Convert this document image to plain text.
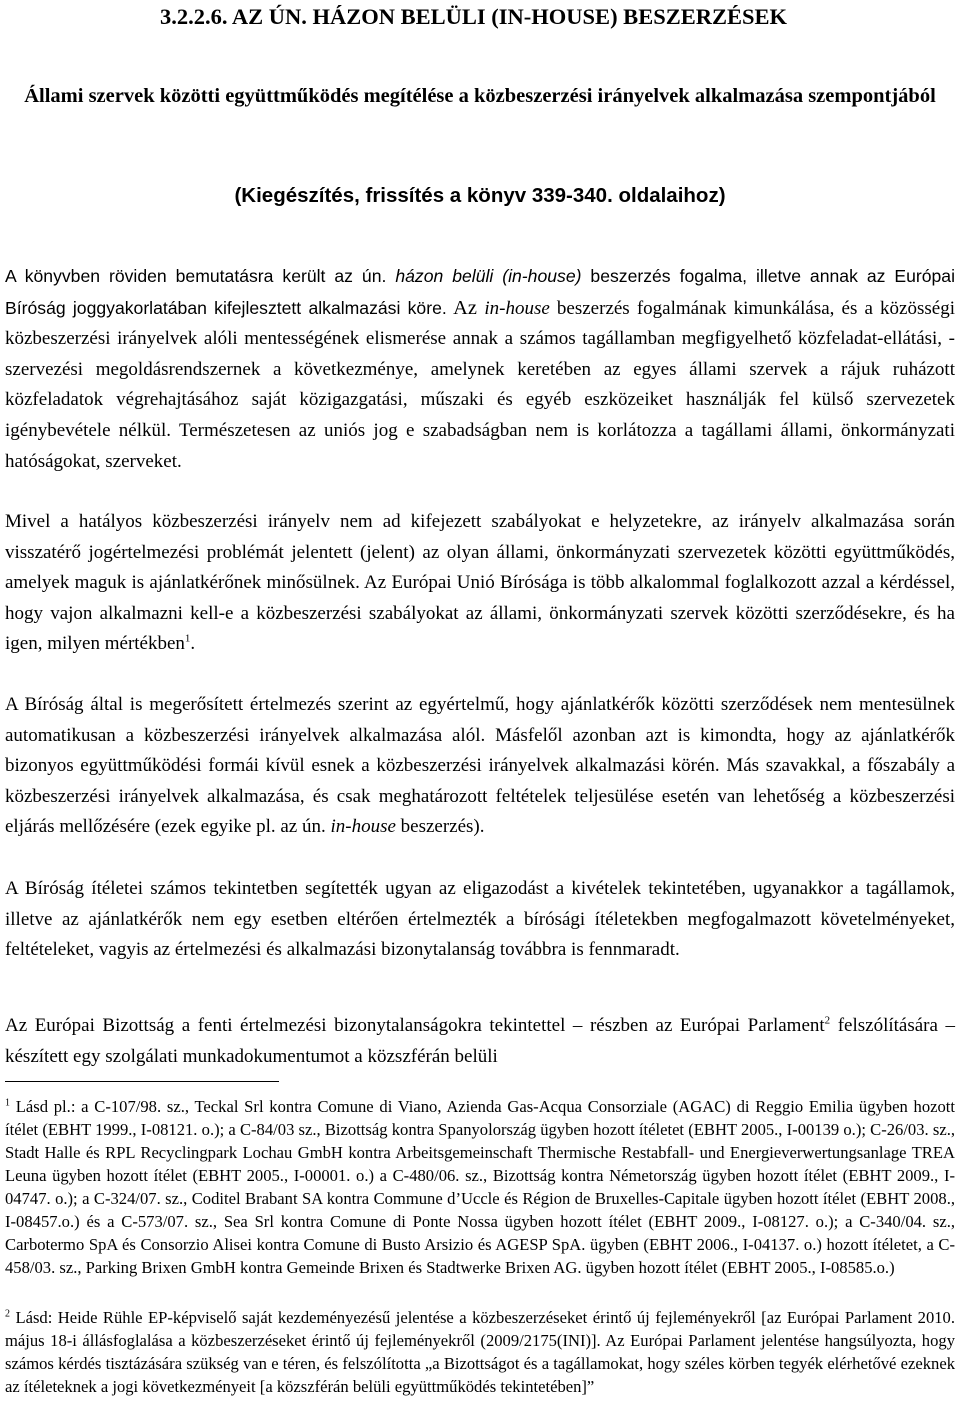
3.2.2.6. AZ ÚN. HÁZON BELÜLI (IN-HOUSE) BESZERZÉSEK
Állami szervek közötti együttműködés megítélése a közbeszerzési irányelvek alkalmazása szempontjából
(Kiegészítés, frissítés a könyv 339-340. oldalaihoz)

A könyvben röviden bemutatásra került az ún. házon belüli (in-house) beszerzés fogalma, illetve annak az Európai Bíróság joggyakorlatában kifejlesztett alkalmazási köre. Az in-house beszerzés fogalmának kimunkálása, és a közösségi közbeszerzési irányelvek alóli mentességének elismerése annak a számos tagállamban megfigyelhető közfeladat-ellátási, -szervezési megoldásrendszernek a következménye, amelynek keretében az egyes állami szervek a rájuk ruházott közfeladatok végrehajtásához saját közigazgatási, műszaki és egyéb eszközeiket használják fel külső szervezetek igénybevétele nélkül. Természetesen az uniós jog e szabadságban nem is korlátozza a tagállami állami, önkormányzati hatóságokat, szerveket.

Mivel a hatályos közbeszerzési irányelv nem ad kifejezett szabályokat e helyzetekre, az irányelv alkalmazása során visszatérő jogértelmezési problémát jelentett (jelent) az olyan állami, önkormányzati szervezetek közötti együttműködés, amelyek maguk is ajánlatkérőnek minősülnek. Az Európai Unió Bírósága is több alkalommal foglalkozott azzal a kérdéssel, hogy vajon alkalmazni kell-e a közbeszerzési szabályokat az állami, önkormányzati szervek közötti szerződésekre, és ha igen, milyen mértékben$^1$.

A Bíróság által is megerősített értelmezés szerint az egyértelmű, hogy ajánlatkérők közötti szerződések nem mentesülnek automatikusan a közbeszerzési irányelvek alkalmazása alól. Másfelől azonban azt is kimondta, hogy az ajánlatkérők bizonyos együttműködési formái kívül esnek a közbeszerzési irányelvek alkalmazási körén. Más szavakkal, a főszabály a közbeszerzési irányelvek alkalmazása, és csak meghatározott feltételek teljesülése esetén van lehetőség a közbeszerzési eljárás mellőzésére (ezek egyike pl. az ún. in-house beszerzés).

A Bíróság ítéletei számos tekintetben segítették ugyan az eligazodást a kivételek tekintetében, ugyanakkor a tagállamok, illetve az ajánlatkérők nem egy esetben eltérően értelmezték a bírósági ítéletekben megfogalmazott követelményeket, feltételeket, vagyis az értelmezési és alkalmazási bizonytalanság továbbra is fennmaradt.

Az Európai Bizottság a fenti értelmezési bizonytalanságokra tekintettel – részben az Európai Parlament$^2$ felszólítására – készített egy szolgálati munkadokumentumot a közszférán belüli

$^1$ Lásd pl.: a C-107/98. sz., Teckal Srl kontra Comune di Viano, Azienda Gas-Acqua Consorziale (AGAC) di Reggio Emilia ügyben hozott ítélet (EBHT 1999., I-08121. o.); a C-84/03 sz., Bizottság kontra Spanyolország ügyben hozott ítéletet (EBHT 2005., I-00139 o.); C-26/03. sz., Stadt Halle és RPL Recyclingpark Lochau GmbH kontra Arbeitsgemeinschaft Thermische Restabfall- und Energieverwertungsanlage TREA Leuna ügyben hozott ítélet (EBHT 2005., I-00001. o.) a C-480/06. sz., Bizottság kontra Németország ügyben hozott ítélet (EBHT 2009., I-04747. o.); a C-324/07. sz., Coditel Brabant SA kontra Commune d’Uccle és Région de Bruxelles-Capitale ügyben hozott ítélet (EBHT 2008., I-08457.o.) és a C-573/07. sz., Sea Srl kontra Comune di Ponte Nossa ügyben hozott ítélet (EBHT 2009., I-08127. o.); a C-340/04. sz., Carbotermo SpA és Consorzio Alisei kontra Comune di Busto Arsizio és AGESP SpA. ügyben (EBHT 2006., I-04137. o.) hozott ítéletet, a C-458/03. sz., Parking Brixen GmbH kontra Gemeinde Brixen és Stadtwerke Brixen AG. ügyben hozott ítélet (EBHT 2005., I-08585.o.)

$^2$ Lásd: Heide Rühle EP-képviselő saját kezdeményezésű jelentése a közbeszerzéseket érintő új fejleményekről [az Európai Parlament 2010. május 18-i állásfoglalása a közbeszerzéseket érintő új fejleményekről (2009/2175(INI)]. Az Európai Parlament jelentése hangsúlyozta, hogy számos kérdés tisztázására szükség van e téren, és felszólította „a Bizottságot és a tagállamokat, hogy széles körben tegyék elérhetővé ezeknek az ítéleteknek a jogi következményeit [a közszférán belüli együttműködés tekintetében]”
